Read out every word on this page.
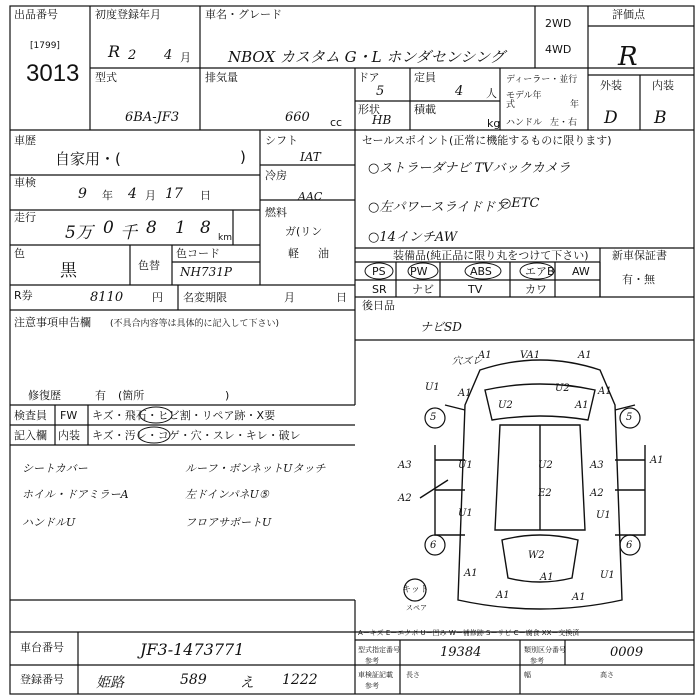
出品番号
[1799]
3013
初度登録年月
R 2 4 月
車名・グレード
NBOX カスタム G・L ホンダセンシング
2WD
4WD
評価点
R
型式
6BA-JF3
排気量
660 cc
ドア
5
定員
4 人
形状
HB
積載
kg
ディーラー・並行
モデル年式	年
ハンドル 左・右
外装	内装
D B
車歴
自家用・(	)
シフト
IAT
車検
9 年 4 月 17 日
冷房
AAC
走行
5万 0 千 8 1 8 km
燃料
ガ(リン
軽 油
色
黒	色替
色コード
NH731P
R券	8110	円 名変期限	月	日
注意事項申告欄 (不具合内容等は具体的に記入して下さい)
修復歴	有 (箇所	)
セールスポイント(正常に機能するものに限ります)
○ストラーダナビ TVバックカメラ
○左パワースライドドア
○ETC
○14インチAW
装備品(純正品に限り丸をつけて下さい)
PS PW	ABS	エアB AW
SR ナビ	TV	カワ
新車保証書
有・無
後日品
ナビSD
検査員
記入欄
FW キズ・飛石・ヒビ割・リペア跡・X要
内装 キズ・汚レ・コゲ・穴・スレ・キレ・破レ
シートカバー
ホイル・ドアミラーA
ハンドルU
ルーフ・ボンネットUタッチ
左ドインパネU⑤
フロアサポートU
穴ズレ
A1	VA1	A1
U1
A1
U2
U2	A1
A1
5	5
A1
A3	U1	U2	A3
A2	A2
U1
E2
U1
6	6
W2
A1	U1
A1
A1	A1
キット
スペア
車台番号	JF3-1473771
登録番号 姫路	589 え 1222
A－キズ E－エクボ U－凹み W－補修跡 S－サビ C－腐食 XX－交換済
型式指定番号
参考
19384	類別区分番号
参考
0009
車検証記載
参考
長さ	幅	高さ
